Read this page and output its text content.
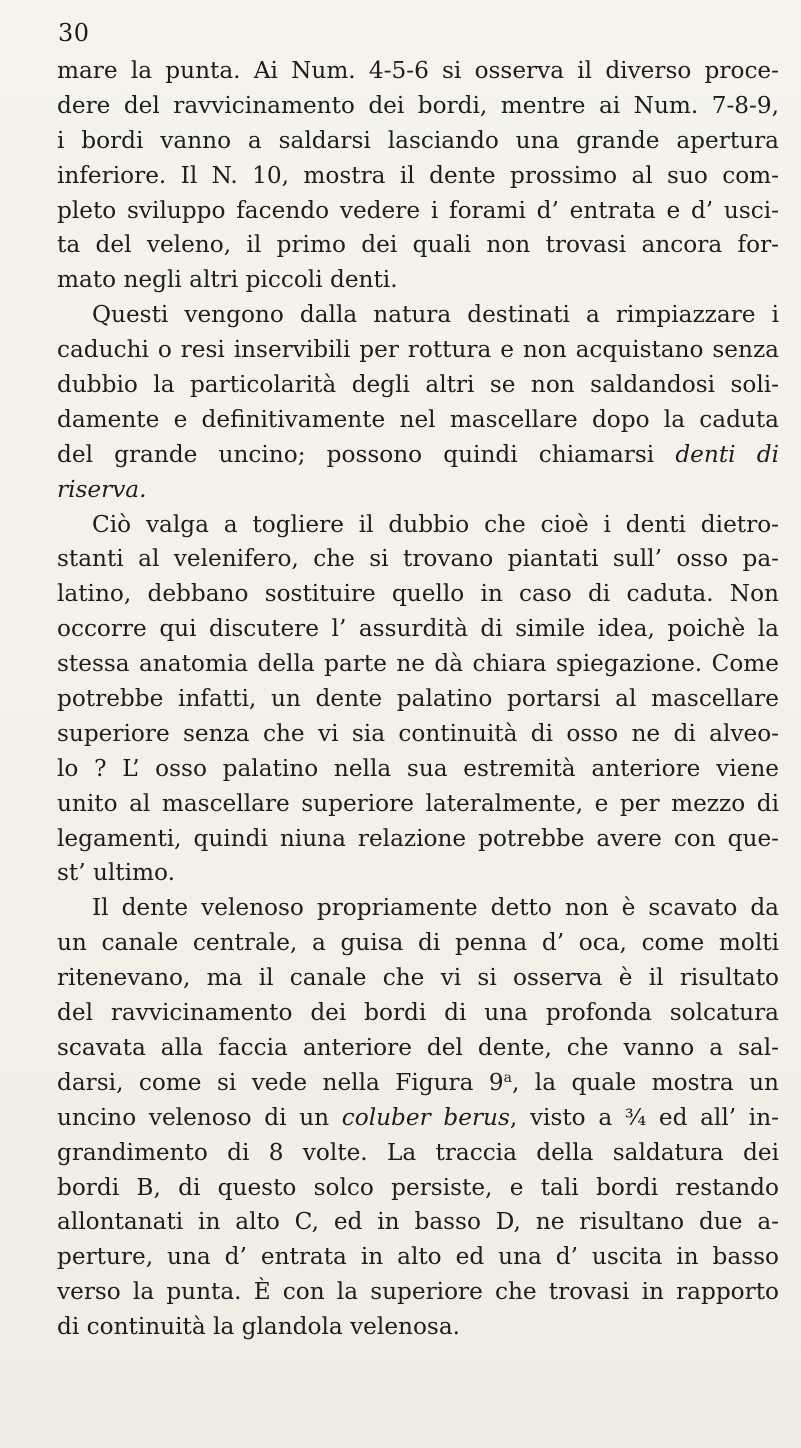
30
mare la punta. Ai Num. 4-5-6 si osserva il diverso proce-
dere del ravvicinamento dei bordi, mentre ai Num. 7-8-9,
i bordi vanno a saldarsi lasciando una grande apertura
inferiore. Il N. 10, mostra il dente prossimo al suo com-
pleto sviluppo facendo vedere i forami d’ entrata e d’ usci-
ta del veleno, il primo dei quali non trovasi ancora for-
mato negli altri piccoli denti.
Questi vengono dalla natura destinati a rimpiazzare i
caduchi o resi inservibili per rottura e non acquistano senza
dubbio la particolarità degli altri se non saldandosi soli-
damente e definitivamente nel mascellare dopo la caduta
del grande uncino; possono quindi chiamarsi denti di
riserva.
Ciò valga a togliere il dubbio che cioè i denti dietro-
stanti al velenifero, che si trovano piantati sull’ osso pa-
latino, debbano sostituire quello in caso di caduta. Non
occorre qui discutere l’ assurdità di simile idea, poichè la
stessa anatomia della parte ne dà chiara spiegazione. Come
potrebbe infatti, un dente palatino portarsi al mascellare
superiore senza che vi sia continuità di osso ne di alveo-
lo ? L’ osso palatino nella sua estremità anteriore viene
unito al mascellare superiore lateralmente, e per mezzo di
legamenti, quindi niuna relazione potrebbe avere con que-
st’ ultimo.
Il dente velenoso propriamente detto non è scavato da
un canale centrale, a guisa di penna d’ oca, come molti
ritenevano, ma il canale che vi si osserva è il risultato
del ravvicinamento dei bordi di una profonda solcatura
scavata alla faccia anteriore del dente, che vanno a sal-
darsi, come si vede nella Figura 9$^a$, la quale mostra un
uncino velenoso di un coluber berus, visto a ³⁄₄ ed all’ in-
grandimento di 8 volte. La traccia della saldatura dei
bordi B, di questo solco persiste, e tali bordi restando
allontanati in alto C, ed in basso D, ne risultano due a-
perture, una d’ entrata in alto ed una d’ uscita in basso
verso la punta. È con la superiore che trovasi in rapporto
di continuità la glandola velenosa.
